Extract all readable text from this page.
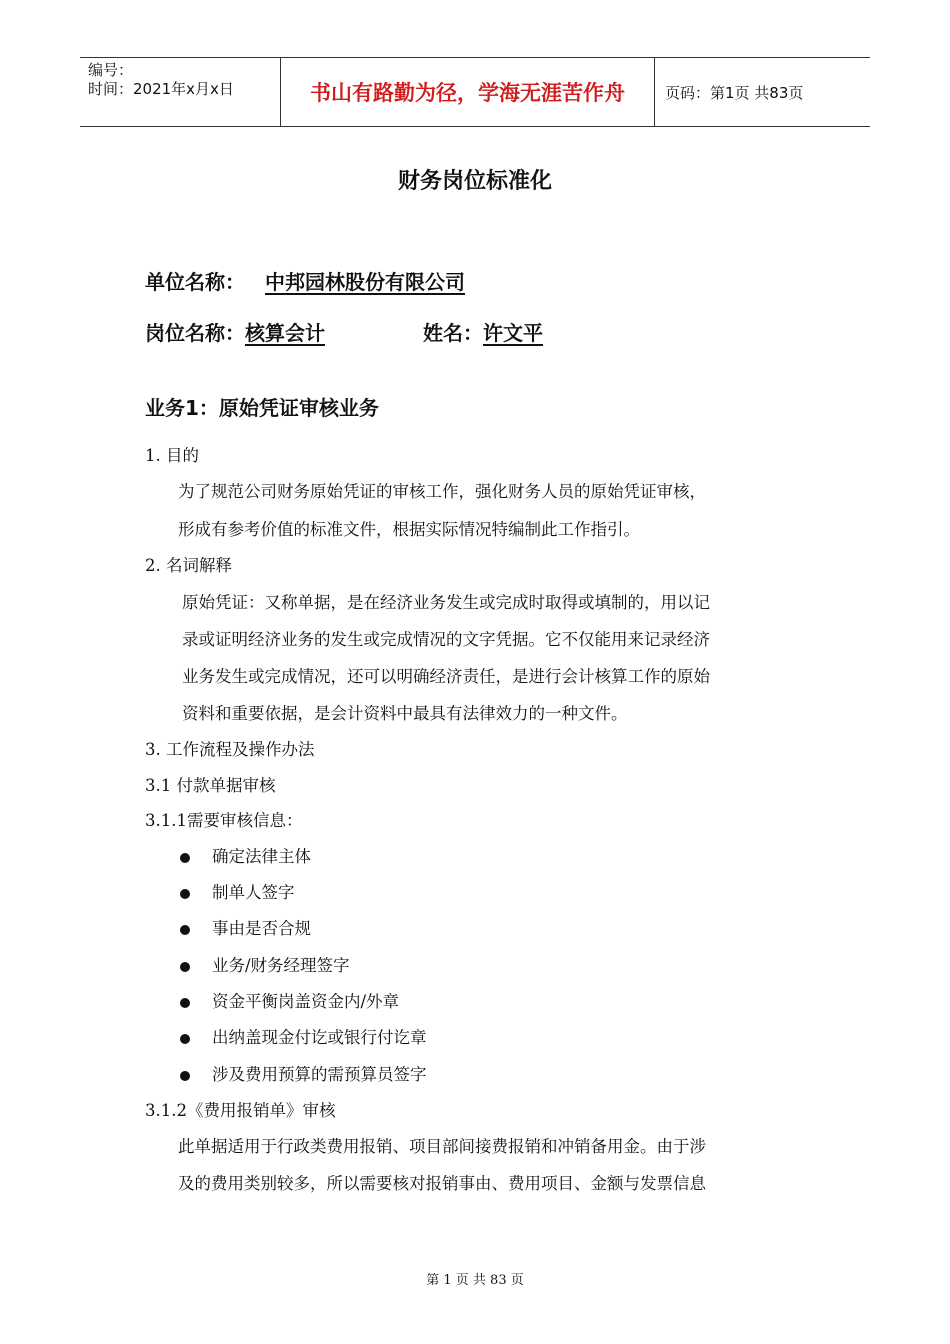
编号：
时间：2021年x月x日	书山有路勤为径，学海无涯苦作舟	页码：第1页 共83页
财务岗位标准化
单位名称： 中邦园林股份有限公司
岗位名称：核算会计	姓名：许文平
业务1：原始凭证审核业务
1. 目的
为了规范公司财务原始凭证的审核工作，强化财务人员的原始凭证审核，
形成有参考价值的标准文件，根据实际情况特编制此工作指引。
2. 名词解释
原始凭证：又称单据，是在经济业务发生或完成时取得或填制的，用以记
录或证明经济业务的发生或完成情况的文字凭据。它不仅能用来记录经济
业务发生或完成情况，还可以明确经济责任，是进行会计核算工作的原始
资料和重要依据，是会计资料中最具有法律效力的一种文件。
3. 工作流程及操作办法
3.1 付款单据审核
3.1.1需要审核信息：
确定法律主体
制单人签字
事由是否合规
业务/财务经理签字
资金平衡岗盖资金内/外章
出纳盖现金付讫或银行付讫章
涉及费用预算的需预算员签字
3.1.2《费用报销单》审核
此单据适用于行政类费用报销、项目部间接费报销和冲销备用金。由于涉
及的费用类别较多，所以需要核对报销事由、费用项目、金额与发票信息
第 1 页 共 83 页
